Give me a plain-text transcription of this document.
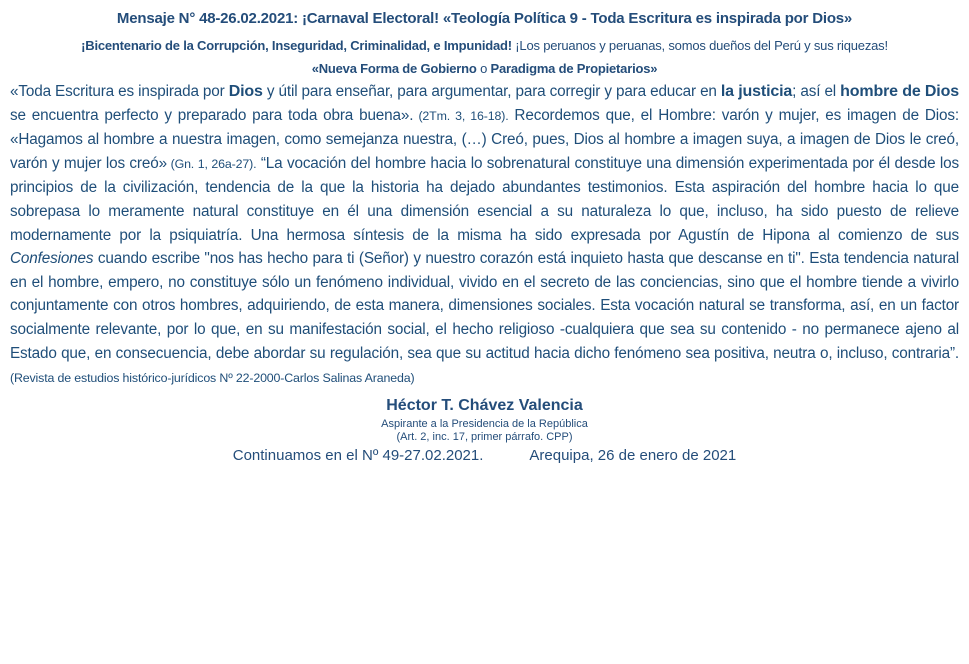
Mensaje N° 48-26.02.2021: ¡Carnaval Electoral! «Teología Política 9 - Toda Escritura es inspirada por Dios»
¡Bicentenario de la Corrupción, Inseguridad, Criminalidad, e Impunidad! ¡Los peruanos y peruanas, somos dueños del Perú y sus riquezas!
«Nueva Forma de Gobierno o Paradigma de Propietarios»
«Toda Escritura es inspirada por Dios y útil para enseñar, para argumentar, para corregir y para educar en la justicia; así el hombre de Dios se encuentra perfecto y preparado para toda obra buena». (2Tm. 3, 16-18). Recordemos que, el Hombre: varón y mujer, es imagen de Dios: «Hagamos al hombre a nuestra imagen, como semejanza nuestra, (…) Creó, pues, Dios al hombre a imagen suya, a imagen de Dios le creó, varón y mujer los creó» (Gn. 1, 26a-27). “La vocación del hombre hacia lo sobrenatural constituye una dimensión experimentada por él desde los principios de la civilización, tendencia de la que la historia ha dejado abundantes testimonios. Esta aspiración del hombre hacia lo que sobrepasa lo meramente natural constituye en él una dimensión esencial a su naturaleza lo que, incluso, ha sido puesto de relieve modernamente por la psiquiatría. Una hermosa síntesis de la misma ha sido expresada por Agustín de Hipona al comienzo de sus Confesiones cuando escribe "nos has hecho para ti (Señor) y nuestro corazón está inquieto hasta que descanse en ti". Esta tendencia natural en el hombre, empero, no constituye sólo un fenómeno individual, vivido en el secreto de las conciencias, sino que el hombre tiende a vivirlo conjuntamente con otros hombres, adquiriendo, de esta manera, dimensiones sociales. Esta vocación natural se transforma, así, en un factor socialmente relevante, por lo que, en su manifestación social, el hecho religioso -cualquiera que sea su contenido - no permanece ajeno al Estado que, en consecuencia, debe abordar su regulación, sea que su actitud hacia dicho fenómeno sea positiva, neutra o, incluso, contraria”. (Revista de estudios histórico-jurídicos Nº 22-2000-Carlos Salinas Araneda)
Héctor T. Chávez Valencia
Aspirante a la Presidencia de la República
(Art. 2, inc. 17, primer párrafo. CPP)
Continuamos en el Nº 49-27.02.2021.	Arequipa, 26 de enero de 2021
